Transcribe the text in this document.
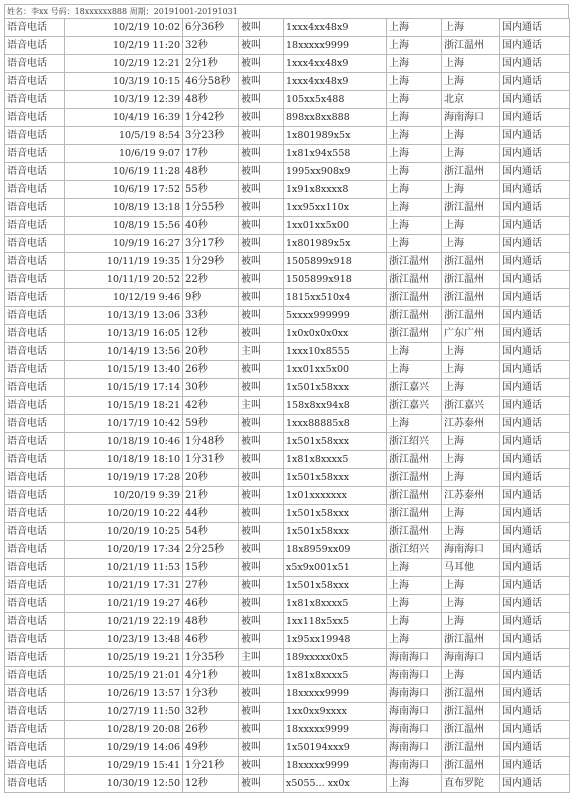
姓名：李xx 号码：18xxxxxx888 周期：20191001-20191031
语音电话	10/2/19 10:02	6分36秒	被叫	1xxx4xx48x9	上海	上海	国内通话
语音电话	10/2/19 11:20	32秒	被叫	18xxxxx9999	上海	浙江温州	国内通话
语音电话	10/2/19 12:21	2分1秒	被叫	1xxx4xx48x9	上海	上海	国内通话
语音电话	10/3/19 10:15	46分58秒	被叫	1xxx4xx48x9	上海	上海	国内通话
语音电话	10/3/19 12:39	48秒	被叫	105xx5x488	上海	北京	国内通话
语音电话	10/4/19 16:39	1分42秒	被叫	898xx8xx888	上海	海南海口	国内通话
语音电话	10/5/19 8:54	3分23秒	被叫	1x801989x5x	上海	上海	国内通话
语音电话	10/6/19 9:07	17秒	被叫	1x81x94x558	上海	上海	国内通话
语音电话	10/6/19 11:28	48秒	被叫	1995xx908x9	上海	浙江温州	国内通话
语音电话	10/6/19 17:52	55秒	被叫	1x91x8xxxx8	上海	上海	国内通话
语音电话	10/8/19 13:18	1分55秒	被叫	1xx95xx110x	上海	浙江温州	国内通话
语音电话	10/8/19 15:56	40秒	被叫	1xx01xx5x00	上海	上海	国内通话
语音电话	10/9/19 16:27	3分17秒	被叫	1x801989x5x	上海	上海	国内通话
语音电话	10/11/19 19:35	1分29秒	被叫	1505899x918	浙江温州	浙江温州	国内通话
语音电话	10/11/19 20:52	22秒	被叫	1505899x918	浙江温州	浙江温州	国内通话
语音电话	10/12/19 9:46	9秒	被叫	1815xx510x4	浙江温州	浙江温州	国内通话
语音电话	10/13/19 13:06	33秒	被叫	5xxxx999999	浙江温州	浙江温州	国内通话
语音电话	10/13/19 16:05	12秒	被叫	1x0x0x0x0xx	浙江温州	广东广州	国内通话
语音电话	10/14/19 13:56	20秒	主叫	1xxx10x8555	上海	上海	国内通话
语音电话	10/15/19 13:40	26秒	被叫	1xx01xx5x00	上海	上海	国内通话
语音电话	10/15/19 17:14	30秒	被叫	1x501x58xxx	浙江嘉兴	上海	国内通话
语音电话	10/15/19 18:21	42秒	主叫	158x8xx94x8	浙江嘉兴	浙江嘉兴	国内通话
语音电话	10/17/19 10:42	59秒	被叫	1xxx88885x8	上海	江苏泰州	国内通话
语音电话	10/18/19 10:46	1分48秒	被叫	1x501x58xxx	浙江绍兴	上海	国内通话
语音电话	10/18/19 18:10	1分31秒	被叫	1x81x8xxxx5	浙江温州	上海	国内通话
语音电话	10/19/19 17:28	20秒	被叫	1x501x58xxx	浙江温州	上海	国内通话
语音电话	10/20/19 9:39	21秒	被叫	1x01xxxxxxx	浙江温州	江苏泰州	国内通话
语音电话	10/20/19 10:22	44秒	被叫	1x501x58xxx	浙江温州	上海	国内通话
语音电话	10/20/19 10:25	54秒	被叫	1x501x58xxx	浙江温州	上海	国内通话
语音电话	10/20/19 17:34	2分25秒	被叫	18x8959xx09	浙江绍兴	海南海口	国内通话
语音电话	10/21/19 11:53	15秒	被叫	x5x9x001x51	上海	马耳他	国内通话
语音电话	10/21/19 17:31	27秒	被叫	1x501x58xxx	上海	上海	国内通话
语音电话	10/21/19 19:27	46秒	被叫	1x81x8xxxx5	上海	上海	国内通话
语音电话	10/21/19 22:19	48秒	被叫	1xx118x5xx5	上海	上海	国内通话
语音电话	10/23/19 13:48	46秒	被叫	1x95xx19948	上海	浙江温州	国内通话
语音电话	10/25/19 19:21	1分35秒	主叫	189xxxxx0x5	海南海口	海南海口	国内通话
语音电话	10/25/19 21:01	4分1秒	被叫	1x81x8xxxx5	海南海口	上海	国内通话
语音电话	10/26/19 13:57	1分3秒	被叫	18xxxxx9999	海南海口	浙江温州	国内通话
语音电话	10/27/19 11:50	32秒	被叫	1xx0xx9xxxx	海南海口	浙江温州	国内通话
语音电话	10/28/19 20:08	26秒	被叫	18xxxxx9999	海南海口	浙江温州	国内通话
语音电话	10/29/19 14:06	49秒	被叫	1x50194xxx9	海南海口	浙江温州	国内通话
语音电话	10/29/19 15:41	1分21秒	被叫	18xxxxx9999	海南海口	浙江温州	国内通话
语音电话	10/30/19 12:50	12秒	被叫	x5055... xx0x	上海	直布罗陀	国内通话
